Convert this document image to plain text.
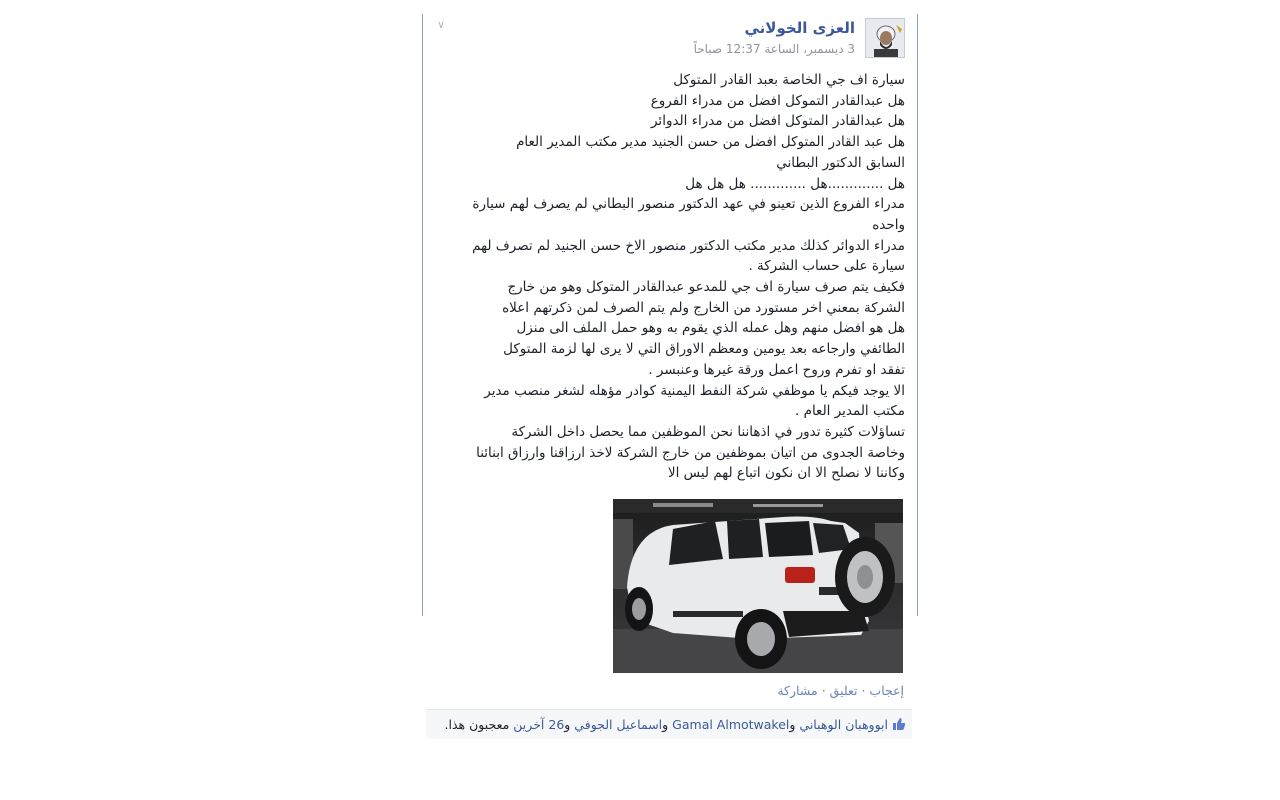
∨	العزى الخولاني
3 ديسمبر، الساعة 12:37 صباحاً
سيارة اف جي الخاصة بعبد القادر المتوكل
هل عبدالقادر التموكل افضل من مدراء الفروع
هل عبدالقادر المتوكل افضل من مدراء الدوائر
هل عبد القادر المتوكل افضل من حسن الجنيد مدير مكتب المدير العام
السابق الدكتور البطاني
هل .............هل ............. هل هل هل
مدراء الفروع الذين تعينو في عهد الدكتور منصور البطاني لم يصرف لهم سيارة
واحده
مدراء الدوائر كذلك مدير مكتب الدكتور منصور الاخ حسن الجنيد لم تصرف لهم
سيارة على حساب الشركة .
فكيف يتم صرف سيارة اف جي للمدعو عبدالقادر المتوكل وهو من خارج
الشركة بمعني اخر مستورد من الخارج ولم يتم الصرف لمن ذكرتهم اعلاه
هل هو افضل منهم وهل عمله الذي يقوم به وهو حمل الملف الى منزل
الطائفي وارجاعه بعد يومين ومعظم الاوراق التي لا يرى لها لزمة المتوكل
تفقد او تفرم وروح اعمل ورقة غيرها وعنبسر .
الا يوجد فيكم يا موظفي شركة النفط اليمنية كوادر مؤهله لشغر منصب مدير
مكتب المدير العام .
تساؤلات كثيرة تدور في اذهاننا نحن الموظفين مما يحصل داخل الشركة
وخاصة الجدوى من اتيان بموظفين من خارج الشركة لاخذ ارزاقنا وارزاق ابنائنا
وكاننا لا نصلح الا ان نكون اتباع لهم ليس الا
إعجاب · تعليق · مشاركة
ابووهبان الوهباني وGamal Almotwakel واسماعيل الجوفي و26 آخرين معجبون هذا.
